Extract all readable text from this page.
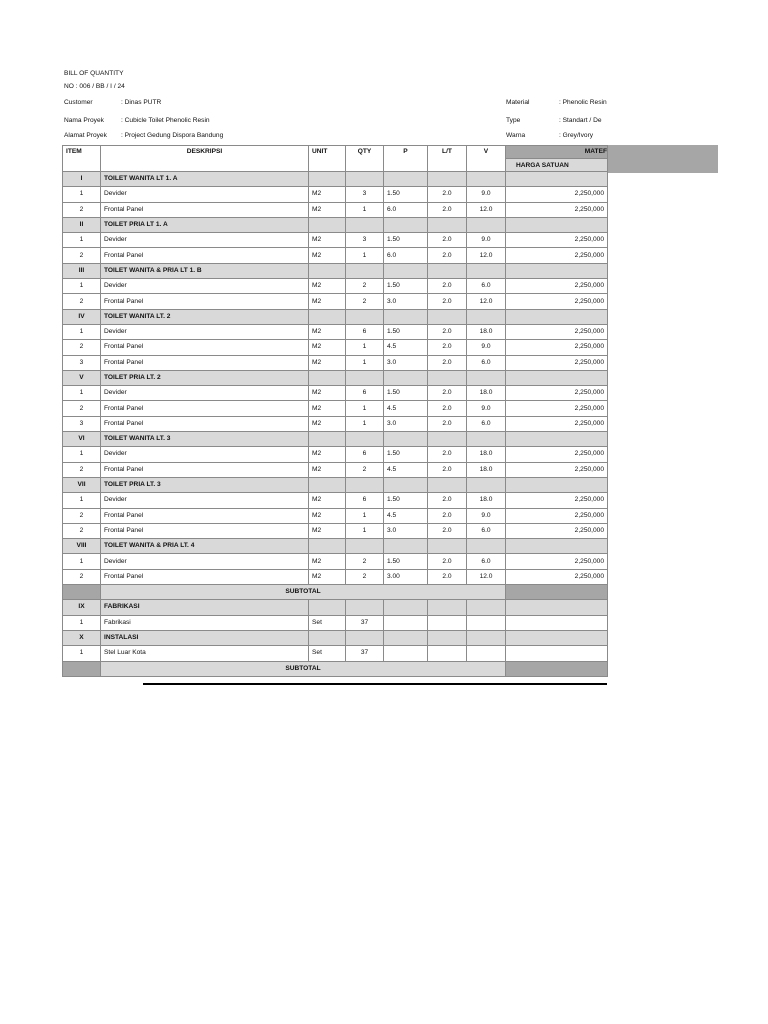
BILL OF QUANTITY
NO : 006 / BB / I / 24
Customer	: Dinas PUTR
Nama Proyek	: Cubicle Toilet Phenolic Resin
Alamat Proyek : Project Gedung Dispora Bandung
Material	: Phenolic Resin
Type	: Standart / De
Warna	: Grey/Ivory
ITEM	DESKRIPSI	UNIT	QTY	P	L/T	V	MATEF
							HARGA SATUAN
I	TOILET WANITA LT 1. A						
1	Devider	M2	3	1.50	2.0	9.0	2,250,000
2	Frontal Panel	M2	1	6.0	2.0	12.0	2,250,000
II	TOILET PRIA LT 1. A						
1	Devider	M2	3	1.50	2.0	9.0	2,250,000
2	Frontal Panel	M2	1	6.0	2.0	12.0	2,250,000
III	TOILET WANITA & PRIA LT 1. B						
1	Devider	M2	2	1.50	2.0	6.0	2,250,000
2	Frontal Panel	M2	2	3.0	2.0	12.0	2,250,000
IV	TOILET WANITA LT. 2						
1	Devider	M2	6	1.50	2.0	18.0	2,250,000
2	Frontal Panel	M2	1	4.5	2.0	9.0	2,250,000
3	Frontal Panel	M2	1	3.0	2.0	6.0	2,250,000
V	TOILET PRIA LT. 2						
1	Devider	M2	6	1.50	2.0	18.0	2,250,000
2	Frontal Panel	M2	1	4.5	2.0	9.0	2,250,000
3	Frontal Panel	M2	1	3.0	2.0	6.0	2,250,000
VI	TOILET WANITA LT. 3						
1	Devider	M2	6	1.50	2.0	18.0	2,250,000
2	Frontal Panel	M2	2	4.5	2.0	18.0	2,250,000
VII	TOILET PRIA LT. 3						
1	Devider	M2	6	1.50	2.0	18.0	2,250,000
2	Frontal Panel	M2	1	4.5	2.0	9.0	2,250,000
2	Frontal Panel	M2	1	3.0	2.0	6.0	2,250,000
VIII	TOILET WANITA & PRIA LT. 4						
1	Devider	M2	2	1.50	2.0	6.0	2,250,000
2	Frontal Panel	M2	2	3.00	2.0	12.0	2,250,000
	SUBTOTAL						
IX	FABRIKASI						
1	Fabrikasi	Set	37				
X	INSTALASI						
1	Stel Luar Kota	Set	37				
	SUBTOTAL						
